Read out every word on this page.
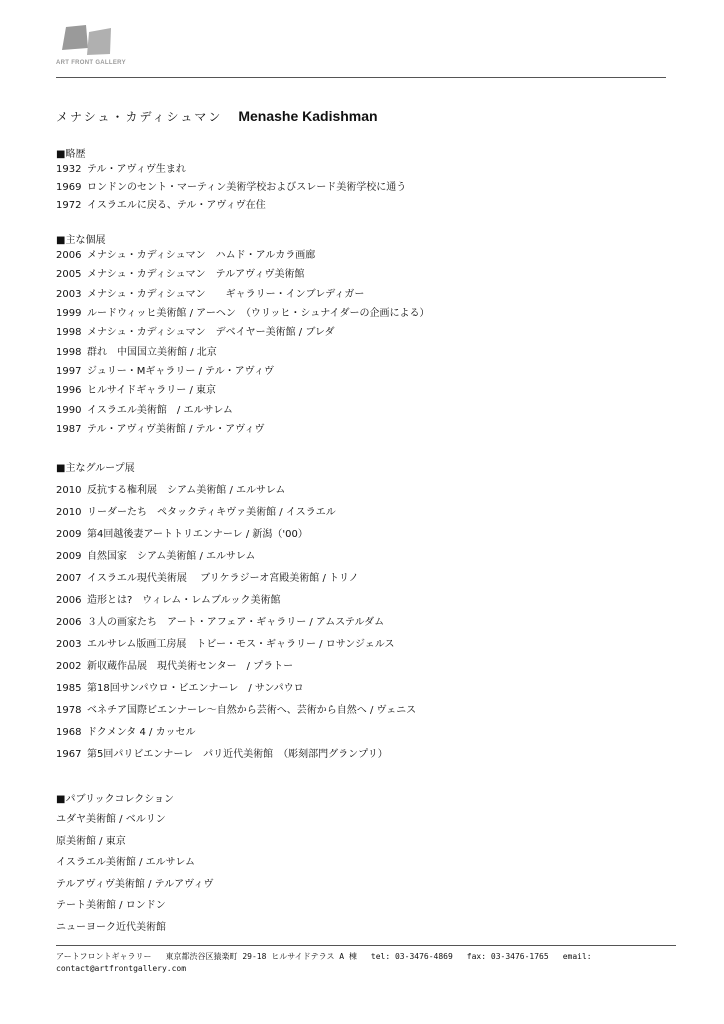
ART FRONT GALLERY
メナシュ・カディシュマン Menashe Kadishman
■略歴
1932 テル・アヴィヴ生まれ
1969 ロンドンのセント・マーティン美術学校およびスレード美術学校に通う
1972 イスラエルに戻る、テル・アヴィヴ在住
■主な個展
2006 メナシュ・カディシュマン　ハムド・アルカラ画廊
2005 メナシュ・カディシュマン　テルアヴィヴ美術館
2003 メナシュ・カディシュマン　　ギャラリー・インブレディガー
1999 ルードウィッヒ美術館 / アーヘン　（ウリッヒ・シュナイダーの企画による）
1998 メナシュ・カディシュマン　デベイヤー美術館 / ブレダ
1998 群れ　中国国立美術館 / 北京
1997 ジュリー・Mギャラリー / テル・アヴィヴ
1996 ヒルサイドギャラリー / 東京
1990 イスラエル美術館　/ エルサレム
1987 テル・アヴィヴ美術館 / テル・アヴィヴ
■主なグループ展
2010 反抗する権利展　シアム美術館 / エルサレム
2010 リーダーたち　ペタックティキヴァ美術館 / イスラエル
2009 第4回越後妻アートトリエンナーレ / 新潟（'00）
2009 自然国家　シアム美術館 / エルサレム
2007 イスラエル現代美術展　 ブリケラジーオ宮殿美術館 / トリノ
2006 造形とは?　ウィレム・レムブルック美術館
2006 ３人の画家たち　アート・アフェア・ギャラリー / アムステルダム
2003 エルサレム版画工房展　トビー・モス・ギャラリー / ロサンジェルス
2002 新収蔵作品展　現代美術センター　/ プラトー
1985 第18回サンパウロ・ビエンナーレ　/ サンパウロ
1978 ベネチア国際ビエンナーレ～自然から芸術へ、芸術から自然へ / ヴェニス
1968 ドクメンタ 4 / カッセル
1967 第5回パリビエンナーレ　パリ近代美術館　（彫刻部門グランプリ）
■パブリックコレクション
ユダヤ美術館 / ベルリン
原美術館 / 東京
イスラエル美術館 / エルサレム
テルアヴィヴ美術館 / テルアヴィヴ
テート美術館 / ロンドン
ニューヨーク近代美術館
アートフロントギャラリー 東京都渋谷区猿楽町 29-18 ヒルサイドテラス A 棟 tel: 03-3476-4869 fax: 03-3476-1765 email:
contact@artfrontgallery.com
